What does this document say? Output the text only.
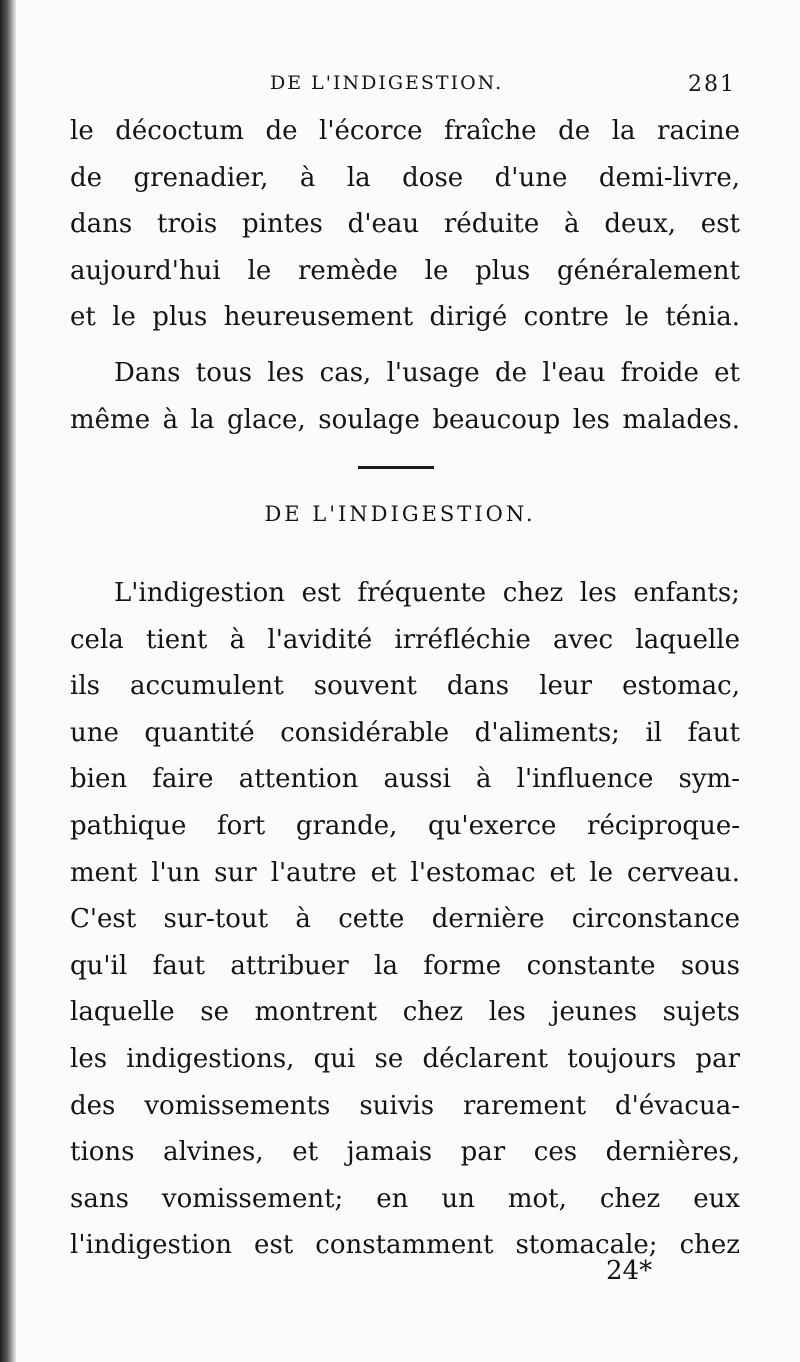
DE L'INDIGESTION.	281
le décoctum de l'écorce fraîche de la racine
de grenadier, à la dose d'une demi-livre,
dans trois pintes d'eau réduite à deux, est
aujourd'hui le remède le plus généralement
et le plus heureusement dirigé contre le ténia.
Dans tous les cas, l'usage de l'eau froide et
même à la glace, soulage beaucoup les malades.
DE L'INDIGESTION.
L'indigestion est fréquente chez les enfants;
cela tient à l'avidité irréfléchie avec laquelle
ils accumulent souvent dans leur estomac,
une quantité considérable d'aliments; il faut
bien faire attention aussi à l'influence sym-
pathique fort grande, qu'exerce réciproque-
ment l'un sur l'autre et l'estomac et le cerveau.
C'est sur-tout à cette dernière circonstance
qu'il faut attribuer la forme constante sous
laquelle se montrent chez les jeunes sujets
les indigestions, qui se déclarent toujours par
des vomissements suivis rarement d'évacua-
tions alvines, et jamais par ces dernières,
sans vomissement; en un mot, chez eux
l'indigestion est constamment stomacale; chez
24*
